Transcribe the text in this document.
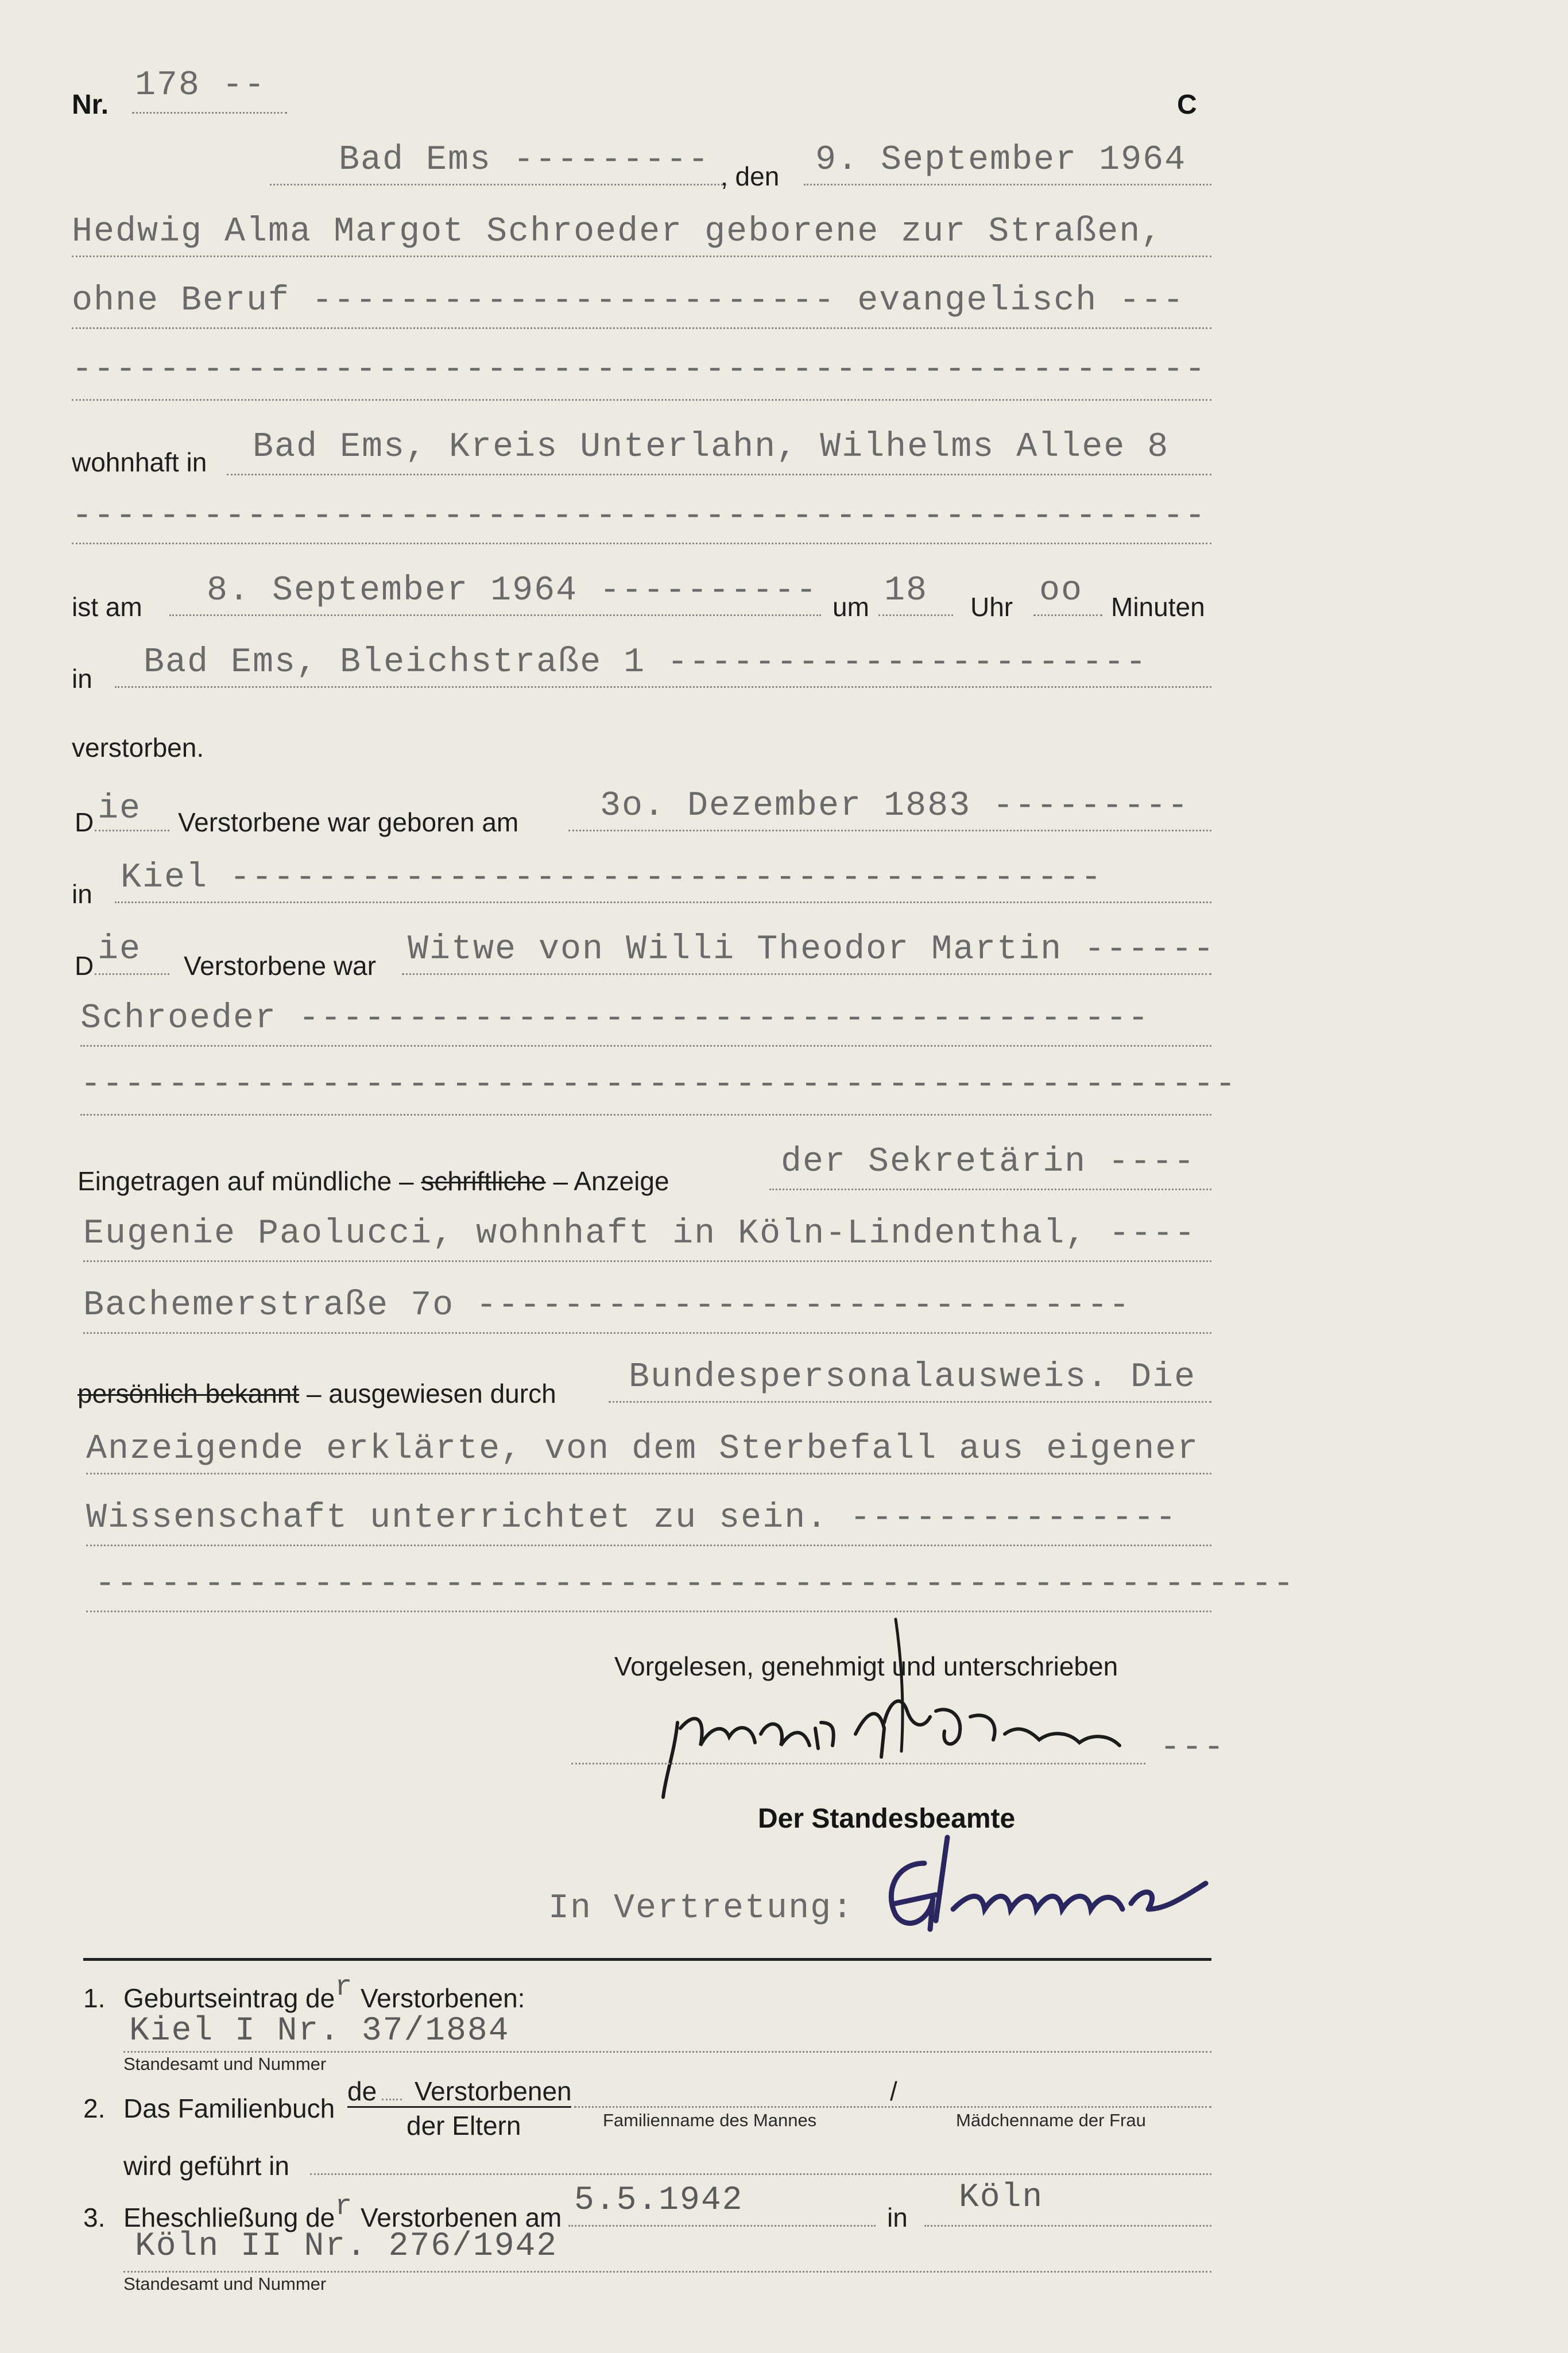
Nr. 178 --	C
Bad Ems --------- , den 9. September 1964
Hedwig Alma Margot Schroeder geborene zur Straßen,
ohne Beruf ------------------------ evangelisch ---
----------------------------------------------------
wohnhaft in Bad Ems, Kreis Unterlahn, Wilhelms Allee 8
----------------------------------------------------
ist am 8. September 1964 ---------- um 18 Uhr oo Minuten
in Bad Ems, Bleichstraße 1 ----------------------
verstorben.
D ie Verstorbene war geboren am 3o. Dezember 1883 ---------
in Kiel ----------------------------------------
D ie Verstorbene war Witwe von Willi Theodor Martin ------
Schroeder ---------------------------------------
-----------------------------------------------------
Eingetragen auf mündliche – schriftliche – Anzeige	der Sekretärin ----
Eugenie Paolucci, wohnhaft in Köln-Lindenthal, ----
Bachemerstraße 7o ------------------------------
persönlich bekannt – ausgewiesen durch Bundespersonalausweis. Die
Anzeigende erklärte, von dem Sterbefall aus eigener
Wissenschaft unterrichtet zu sein. ---------------
-------------------------------------------------------
Vorgelesen, genehmigt und unterschrieben
---
Der Standesbeamte
In Vertretung:
1. Geburtseintrag der Verstorbenen:
Kiel I Nr. 37/1884
Standesamt und Nummer
2. Das Familienbuch
de Verstorbenen
der Eltern
/
Familienname des Mannes	Mädchenname der Frau
wird geführt in
3. Eheschließung der Verstorbenen am 5.5.1942	in
Köln
Köln II Nr. 276/1942
Standesamt und Nummer
